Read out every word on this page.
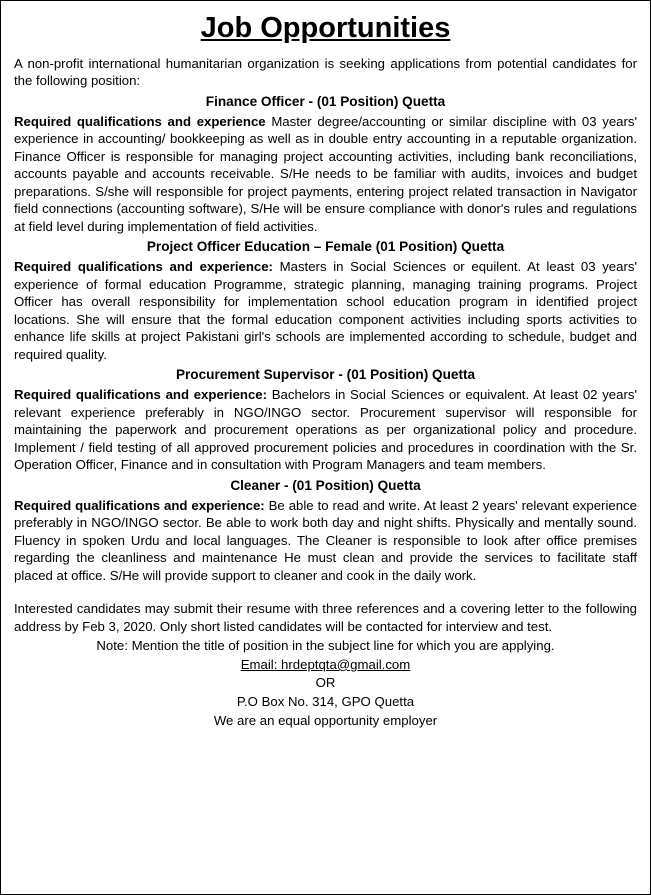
Job Opportunities

A non-profit international humanitarian organization is seeking applications from potential candidates for the following position:

Finance Officer - (01 Position) Quetta

Required qualifications and experience Master degree/accounting or similar discipline with 03 years' experience in accounting/ bookkeeping as well as in double entry accounting in a reputable organization. Finance Officer is responsible for managing project accounting activities, including bank reconciliations, accounts payable and accounts receivable. S/He needs to be familiar with audits, invoices and budget preparations. S/she will responsible for project payments, entering project related transaction in Navigator field connections (accounting software), S/He will be ensure compliance with donor's rules and regulations at field level during implementation of field activities.

Project Officer Education – Female (01 Position) Quetta

Required qualifications and experience: Masters in Social Sciences or equilent. At least 03 years' experience of formal education Programme, strategic planning, managing training programs. Project Officer has overall responsibility for implementation school education program in identified project locations. She will ensure that the formal education component activities including sports activities to enhance life skills at project Pakistani girl's schools are implemented according to schedule, budget and required quality.

Procurement Supervisor - (01 Position) Quetta

Required qualifications and experience: Bachelors in Social Sciences or equivalent. At least 02 years' relevant experience preferably in NGO/INGO sector. Procurement supervisor will responsible for maintaining the paperwork and procurement operations as per organizational policy and procedure. Implement / field testing of all approved procurement policies and procedures in coordination with the Sr. Operation Officer, Finance and in consultation with Program Managers and team members.

Cleaner - (01 Position) Quetta

Required qualifications and experience: Be able to read and write. At least 2 years' relevant experience preferably in NGO/INGO sector. Be able to work both day and night shifts. Physically and mentally sound. Fluency in spoken Urdu and local languages. The Cleaner is responsible to look after office premises regarding the cleanliness and maintenance He must clean and provide the services to facilitate staff placed at office. S/He will provide support to cleaner and cook in the daily work.

Interested candidates may submit their resume with three references and a covering letter to the following address by Feb 3, 2020. Only short listed candidates will be contacted for interview and test.

Note: Mention the title of position in the subject line for which you are applying.
Email: hrdeptqta@gmail.com
OR
P.O Box No. 314, GPO Quetta
We are an equal opportunity employer
